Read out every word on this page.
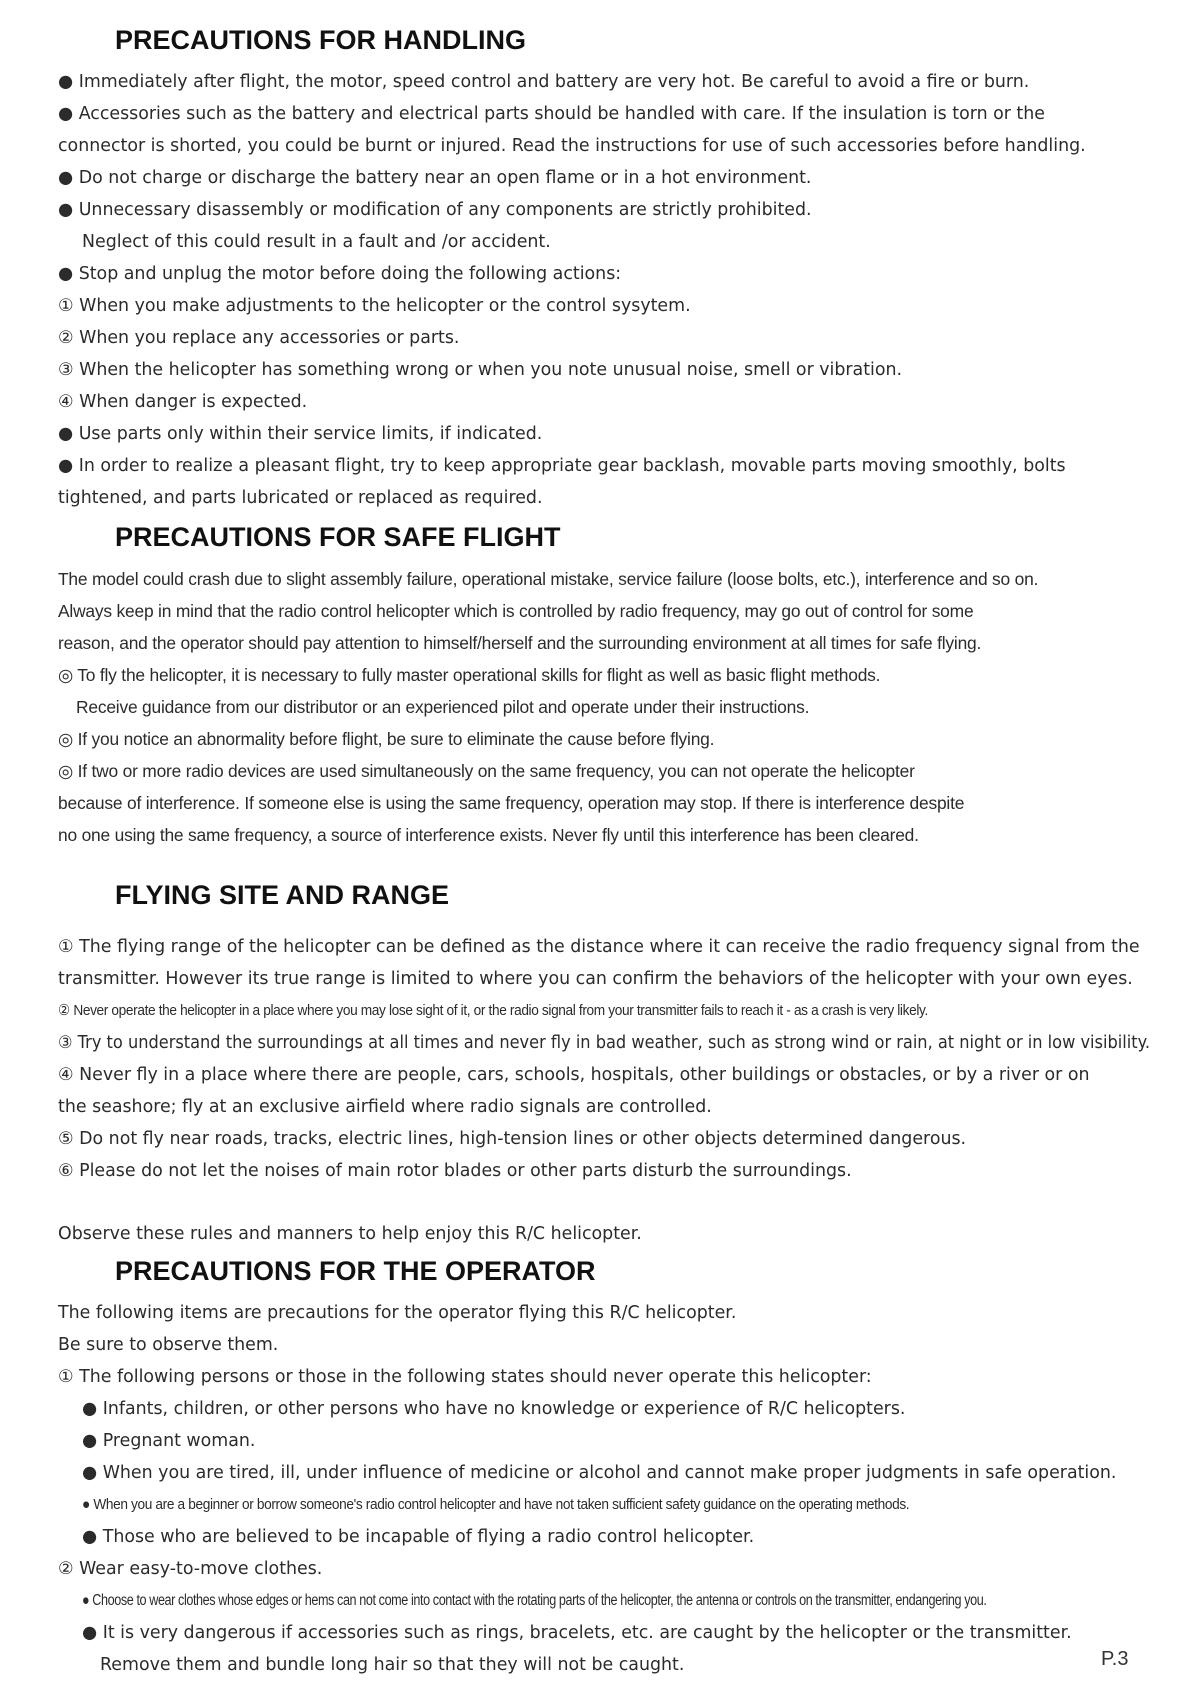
PRECAUTIONS FOR HANDLING

● Immediately after flight, the motor, speed control and battery are very hot. Be careful to avoid a fire or burn.

● Accessories such as the battery and electrical parts should be handled with care. If the insulation is torn or the

connector is shorted, you could be burnt or injured. Read the instructions for use of such accessories before handling.

● Do not charge or discharge the battery near an open flame or in a hot environment.

● Unnecessary disassembly or modification of any components are strictly prohibited.

Neglect of this could result in a fault and /or accident.

● Stop and unplug the motor before doing the following actions:

① When you make adjustments to the helicopter or the control sysytem.

② When you replace any accessories or parts.

③ When the helicopter has something wrong or when you note unusual noise, smell or vibration.

④ When danger is expected.

● Use parts only within their service limits, if indicated.

● In order to realize a pleasant flight, try to keep appropriate gear backlash, movable parts moving smoothly, bolts

tightened, and parts lubricated or replaced as required.

PRECAUTIONS FOR SAFE FLIGHT

The model could crash due to slight assembly failure, operational mistake, service failure (loose bolts, etc.), interference and so on.

Always keep in mind that the radio control helicopter which is controlled by radio frequency, may go out of control for some

reason, and the operator should pay attention to himself/herself and the surrounding environment at all times for safe flying.

◎ To fly the helicopter, it is necessary to fully master operational skills for flight as well as basic flight methods.

Receive guidance from our distributor or an experienced pilot and operate under their instructions.

◎ If you notice an abnormality before flight, be sure to eliminate the cause before flying.

◎ If two or more radio devices are used simultaneously on the same frequency, you can not operate the helicopter

because of interference. If someone else is using the same frequency, operation may stop. If there is interference despite

no one using the same frequency, a source of interference exists. Never fly until this interference has been cleared.

FLYING SITE AND RANGE

① The flying range of the helicopter can be defined as the distance where it can receive the radio frequency signal from the

transmitter. However its true range is limited to where you can confirm the behaviors of the helicopter with your own eyes.

② Never operate the helicopter in a place where you may lose sight of it, or the radio signal from your transmitter fails to reach it - as a crash is very likely.

③ Try to understand the surroundings at all times and never fly in bad weather, such as strong wind or rain, at night or in low visibility.

④ Never fly in a place where there are people, cars, schools, hospitals, other buildings or obstacles, or by a river or on

the seashore; fly at an exclusive airfield where radio signals are controlled.

⑤ Do not fly near roads, tracks, electric lines, high-tension lines or other objects determined dangerous.

⑥ Please do not let the noises of main rotor blades or other parts disturb the surroundings.

Observe these rules and manners to help enjoy this R/C helicopter.

PRECAUTIONS FOR THE OPERATOR

The following items are precautions for the operator flying this R/C helicopter.

Be sure to observe them.

① The following persons or those in the following states should never operate this helicopter:

● Infants, children, or other persons who have no knowledge or experience of R/C helicopters.

● Pregnant woman.

● When you are tired, ill, under influence of medicine or alcohol and cannot make proper judgments in safe operation.

● When you are a beginner or borrow someone's radio control helicopter and have not taken sufficient safety guidance on the operating methods.

● Those who are believed to be incapable of flying a radio control helicopter.

② Wear easy-to-move clothes.

● Choose to wear clothes whose edges or hems can not come into contact with the rotating parts of the helicopter, the antenna or controls on the transmitter, endangering you.

● It is very dangerous if accessories such as rings, bracelets, etc. are caught by the helicopter or the transmitter.

Remove them and bundle long hair so that they will not be caught.	P.3
